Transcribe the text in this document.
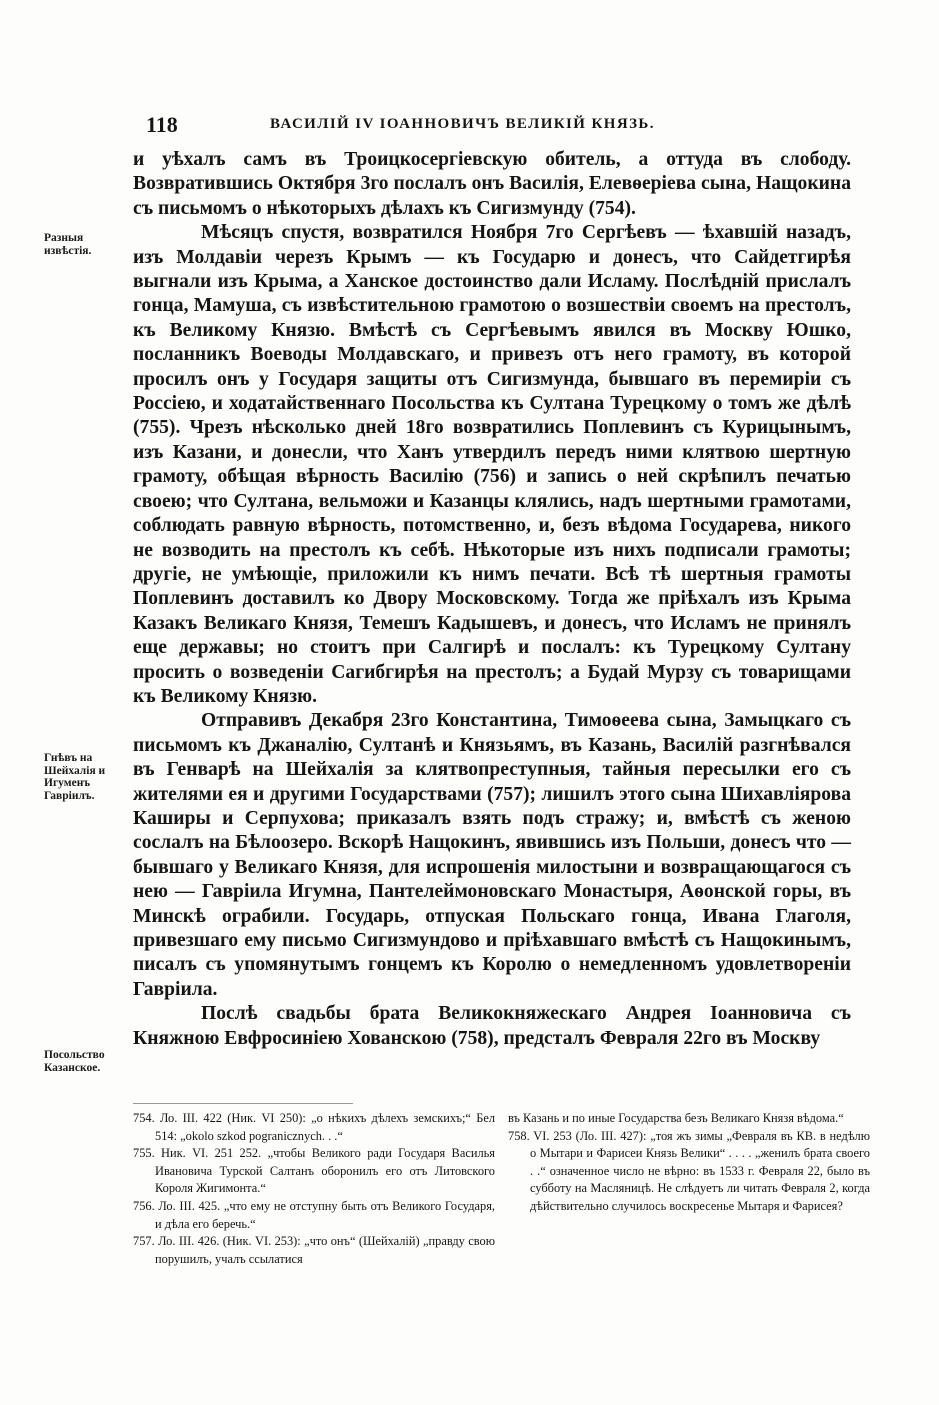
118	ВАСИЛІЙ IV ІОАННОВИЧЪ ВЕЛИКІЙ КНЯЗЬ.
Разныя извѣстія.
Гнѣвъ на Шейхалія и Игуменъ Гавріилъ.
Посольство Казанское.

и уѣхалъ самъ въ Троицкосергіевскую обитель, а оттуда въ слободу. Возвратившись Октября 3го послалъ онъ Василія, Елевѳеріева сына, Нащокина съ письмомъ о нѣкоторыхъ дѣлахъ къ Сигизмунду (754).

Мѣсяцъ спустя, возвратился Ноября 7го Сергѣевъ — ѣхавшій назадъ, изъ Молдавіи черезъ Крымъ — къ Государю и донесъ, что Сайдетгирѣя выгнали изъ Крыма, а Ханское достоинство дали Исламу. Послѣдній прислалъ гонца, Мамуша, съ извѣстительною грамотою о возшествіи своемъ на престолъ, къ Великому Князю. Вмѣстѣ съ Сергѣевымъ явился въ Москву Юшко, посланникъ Воеводы Молдавскаго, и привезъ отъ него грамоту, въ которой просилъ онъ у Государя защиты отъ Сигизмунда, бывшаго въ перемиріи съ Россіею, и ходатайственнаго Посольства къ Султана Турецкому о томъ же дѣлѣ (755). Чрезъ нѣсколько дней 18го возвратились Поплевинъ съ Курицынымъ, изъ Казани, и донесли, что Ханъ утвердилъ передъ ними клятвою шертную грамоту, обѣщая вѣрность Василію (756) и запись о ней скрѣпилъ печатью своею; что Султана, вельможи и Казанцы клялись, надъ шертными грамотами, соблюдать равную вѣрность, потомственно, и, безъ вѣдома Государева, никого не возводить на престолъ къ себѣ. Нѣкоторые изъ нихъ подписали грамоты; другіе, не умѣющіе, приложили къ нимъ печати. Всѣ тѣ шертныя грамоты Поплевинъ доставилъ ко Двору Московскому. Тогда же пріѣхалъ изъ Крыма Казакъ Великаго Князя, Темешъ Кадышевъ, и донесъ, что Исламъ не принялъ еще державы; но стоитъ при Салгирѣ и послалъ: къ Турецкому Султану просить о возведеніи Сагибгирѣя на престолъ; а Будай Мурзу съ товарищами къ Великому Князю.

Отправивъ Декабря 23го Константина, Тимоѳеева сына, Замыцкаго съ письмомъ къ Джаналію, Султанѣ и Князьямъ, въ Казань, Василій разгнѣвался въ Генварѣ на Шейхалія за клятвопреступныя, тайныя пересылки его съ жителями ея и другими Государствами (757); лишилъ этого сына Шихавліярова Каширы и Серпухова; приказалъ взять подъ стражу; и, вмѣстѣ съ женою сослалъ на Бѣлоозеро. Вскорѣ Нащокинъ, явившись изъ Польши, донесъ что — бывшаго у Великаго Князя, для испрошенія милостыни и возвращающагося съ нею — Гавріила Игумна, Пантелеймоновскаго Монастыря, Аѳонской горы, въ Минскѣ ограбили. Государь, отпуская Польскаго гонца, Ивана Глаголя, привезшаго ему письмо Сигизмундово и пріѣхавшаго вмѣстѣ съ Нащокинымъ, писалъ съ упомянутымъ гонцемъ къ Королю о немедленномъ удовлетвореніи Гавріила.

Послѣ свадьбы брата Великокняжескаго Андрея Іоанновича съ Княжною Евфросиніею Хованскою (758), предсталъ Февраля 22го въ Москву

754. Ло. III. 422 (Ник. VI 250): „о нѣкихъ дѣлехъ земскихъ;“ Бел 514: „okolo szkod pogranicznych. . .“

755. Ник. VI. 251 252. „чтобы Великого ради Государя Василья Ивановича Турской Салтанъ оборонилъ его отъ Литовского Короля Жигимонта.“

756. Ло. III. 425. „что ему не отступну быть отъ Великого Государя, и дѣла его беречь.“

757. Ло. III. 426. (Ник. VI. 253): „что онъ“ (Шейхалій) „правду свою порушилъ, учалъ ссылатися

въ Казань и по иные Государства безъ Великаго Князя вѣдома.“

758. VI. 253 (Ло. III. 427): „тоя жъ зимы „Февраля въ КВ. в недѣлю о Мытари и Фарисеи Князь Велики“ . . . . „женилъ брата своего . .“ означенное число не вѣрно: въ 1533 г. Февраля 22, было въ субботу на Масляницѣ. Не слѣдуетъ ли читать Февраля 2, когда дѣйствительно случилось воскресенье Мытаря и Фарисея?
